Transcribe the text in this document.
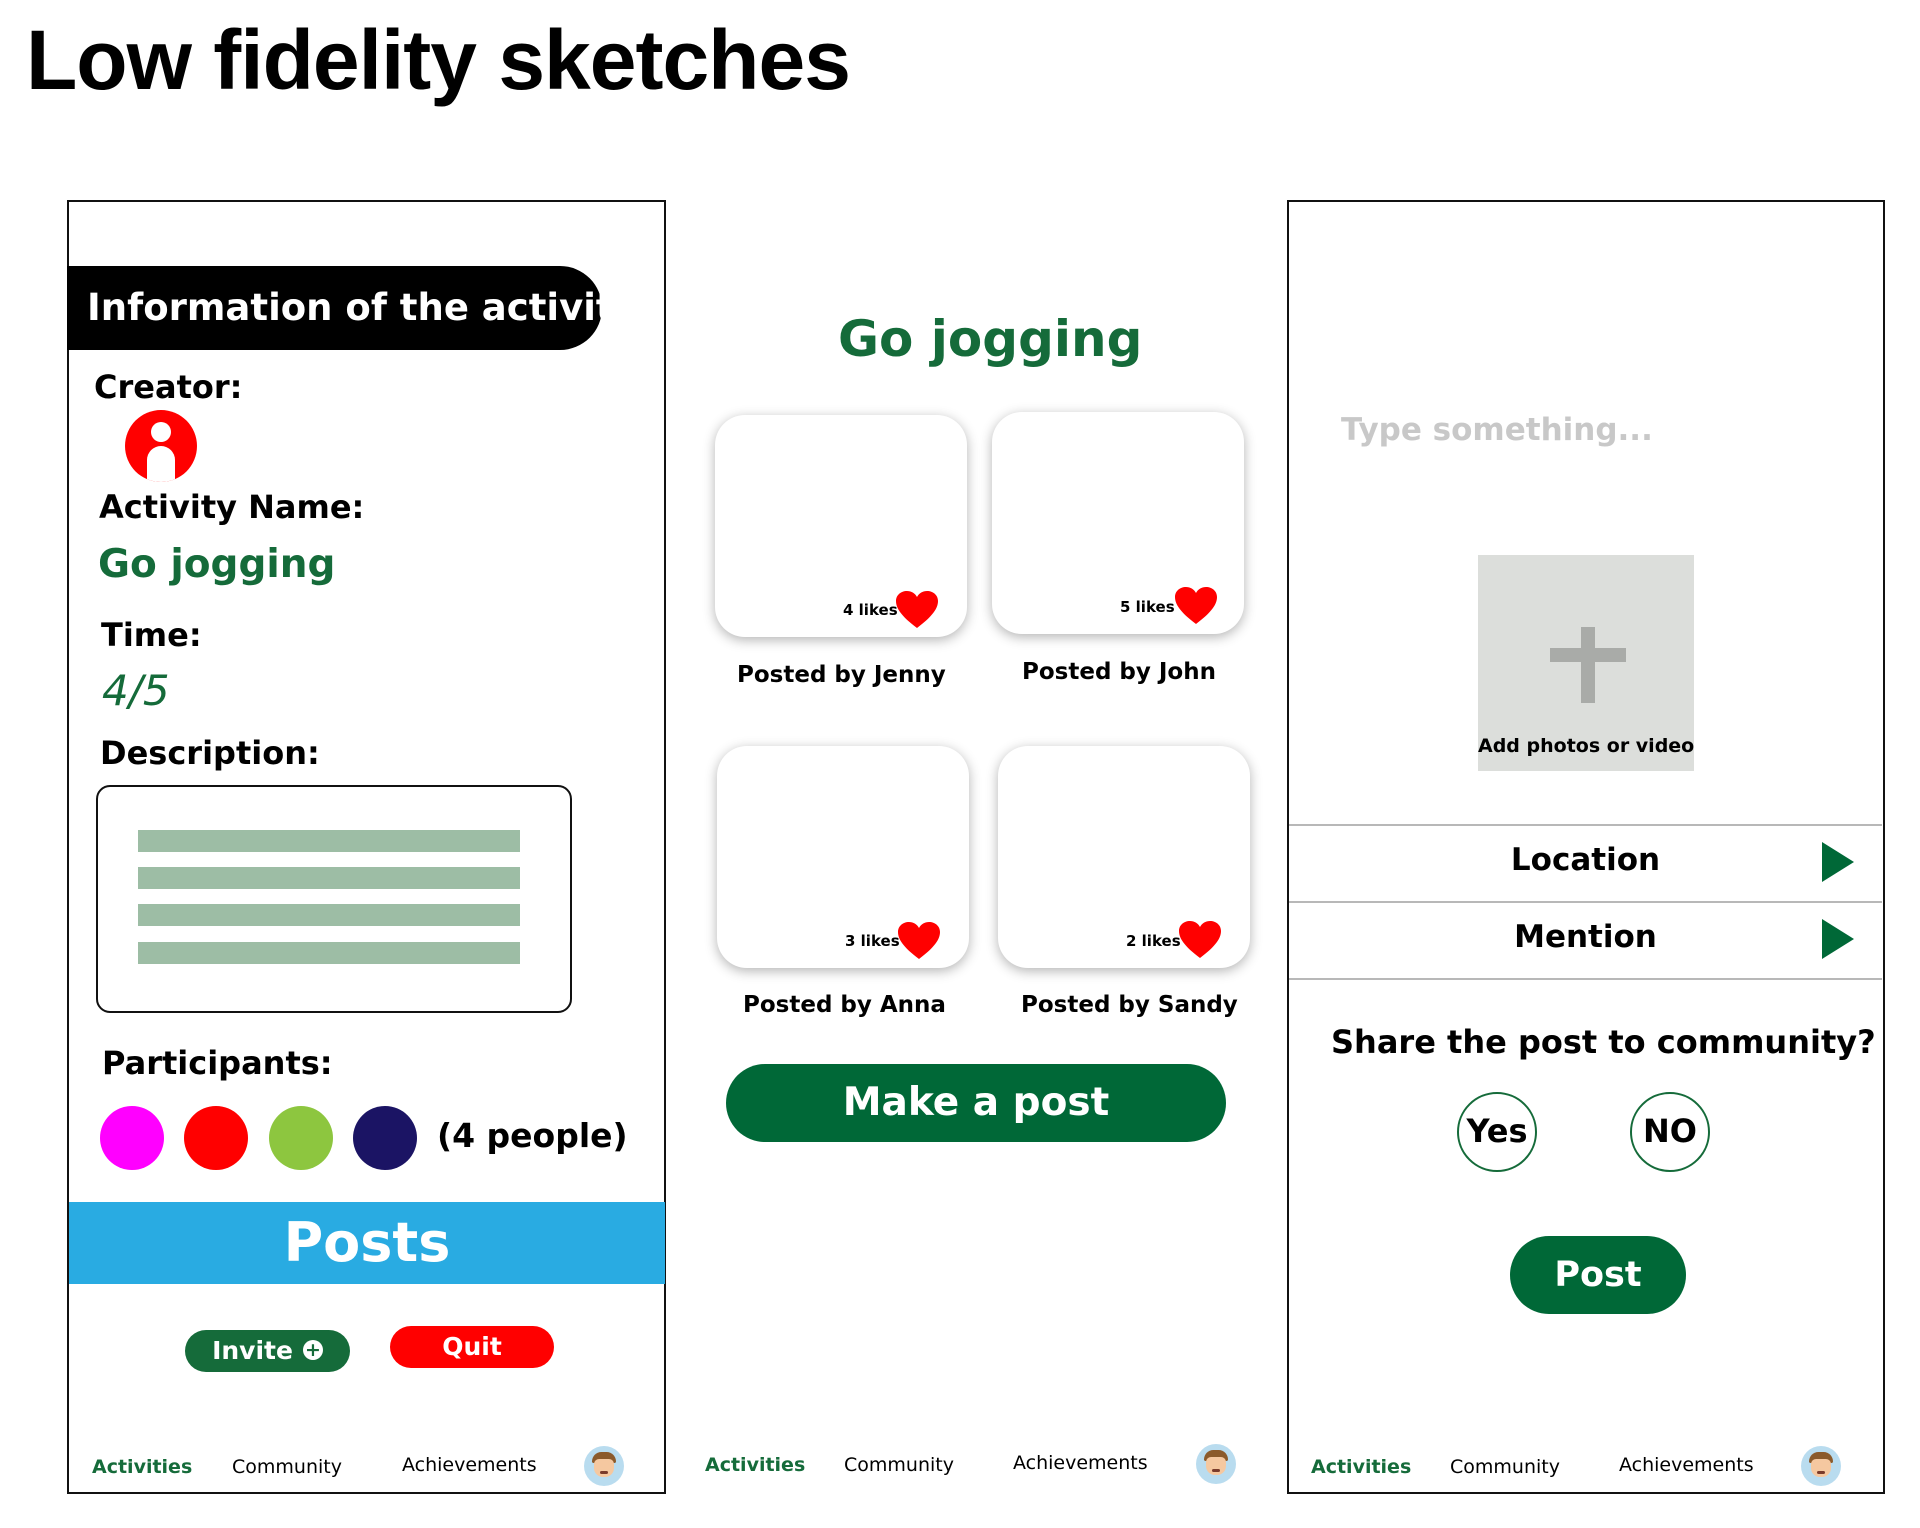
Low fidelity sketches
Information of the activity
Creator:
Activity Name:
Go jogging
Time:
4/5
Description:
Participants:
(4 people)
Posts
Invite +	Quit
Activities Community	Achievements
Go jogging
4 likes
Posted by Jenny
5 likes
Posted by John
3 likes
Posted by Anna
2 likes
Posted by Sandy
Make a post
Activities Community	Achievements
Type something...
Add photos or video
Location
Mention
Share the post to community?
Yes	NO
Post
Activities Community	Achievements
